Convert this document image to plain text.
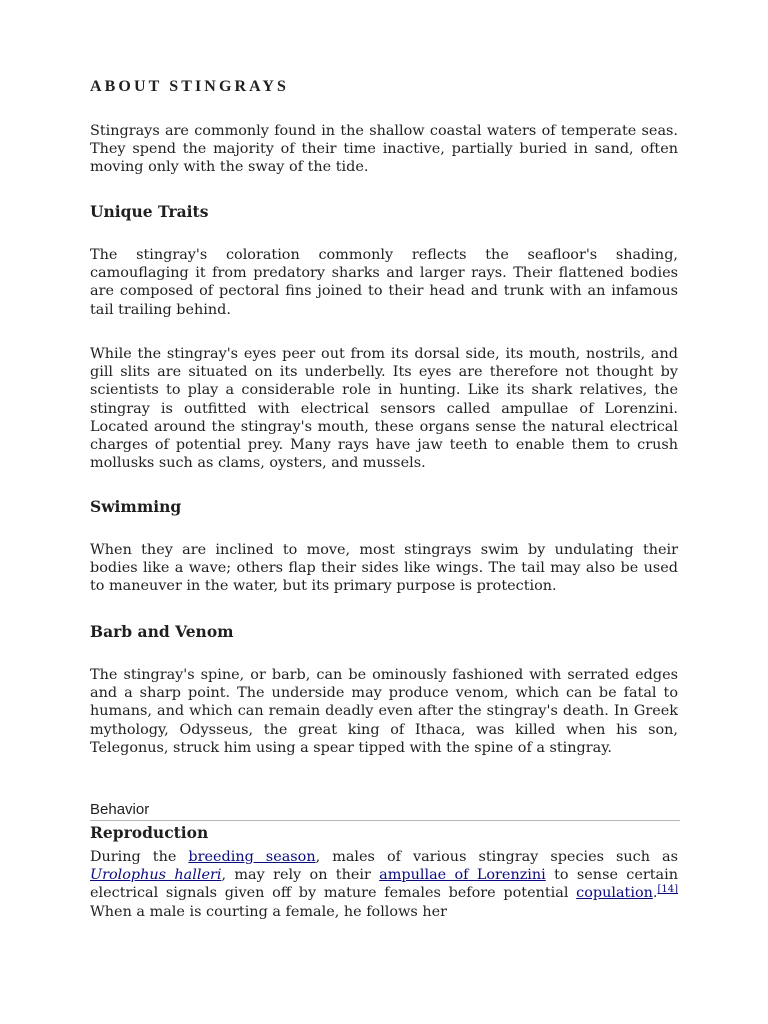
ABOUT STINGRAYS

Stingrays are commonly found in the shallow coastal waters of temperate seas. They spend the majority of their time inactive, partially buried in sand, often moving only with the sway of the tide.

Unique Traits

The stingray's coloration commonly reflects the seafloor's shading, camouflaging it from predatory sharks and larger rays. Their flattened bodies are composed of pectoral fins joined to their head and trunk with an infamous tail trailing behind.

While the stingray's eyes peer out from its dorsal side, its mouth, nostrils, and gill slits are situated on its underbelly. Its eyes are therefore not thought by scientists to play a considerable role in hunting. Like its shark relatives, the stingray is outfitted with electrical sensors called ampullae of Lorenzini. Located around the stingray's mouth, these organs sense the natural electrical charges of potential prey. Many rays have jaw teeth to enable them to crush mollusks such as clams, oysters, and mussels.

Swimming

When they are inclined to move, most stingrays swim by undulating their bodies like a wave; others flap their sides like wings. The tail may also be used to maneuver in the water, but its primary purpose is protection.

Barb and Venom

The stingray's spine, or barb, can be ominously fashioned with serrated edges and a sharp point. The underside may produce venom, which can be fatal to humans, and which can remain deadly even after the stingray's death. In Greek mythology, Odysseus, the great king of Ithaca, was killed when his son, Telegonus, struck him using a spear tipped with the spine of a stingray.

Behavior
Reproduction

During the breeding season, males of various stingray species such as Urolophus halleri, may rely on their ampullae of Lorenzini to sense certain electrical signals given off by mature females before potential copulation.[14] When a male is courting a female, he follows her
